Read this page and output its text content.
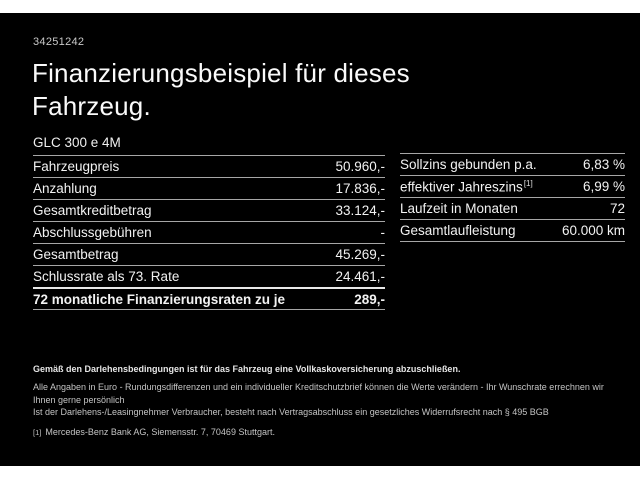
34251242
Finanzierungsbeispiel für dieses
Fahrzeug.
GLC 300 e 4M
Fahrzeugpreis	50.960,-
Anzahlung	17.836,-
Gesamtkreditbetrag	33.124,-
Abschlussgebühren	-
Gesamtbetrag	45.269,-
Schlussrate als 73. Rate	24.461,-
72 monatliche Finanzierungsraten zu je	289,-
Sollzins gebunden p.a.	6,83 %
effektiver Jahreszins[1]	6,99 %
Laufzeit in Monaten	72
Gesamtlaufleistung	60.000 km

Gemäß den Darlehensbedingungen ist für das Fahrzeug eine Vollkaskoversicherung abzuschließen.

Alle Angaben in Euro - Rundungsdifferenzen und ein individueller Kreditschutzbrief können die Werte verändern - Ihr Wunschrate errechnen wir Ihnen gerne persönlich

Ist der Darlehens-/Leasingnehmer Verbraucher, besteht nach Vertragsabschluss ein gesetzliches Widerrufsrecht nach § 495 BGB

[1] Mercedes-Benz Bank AG, Siemensstr. 7, 70469 Stuttgart.
